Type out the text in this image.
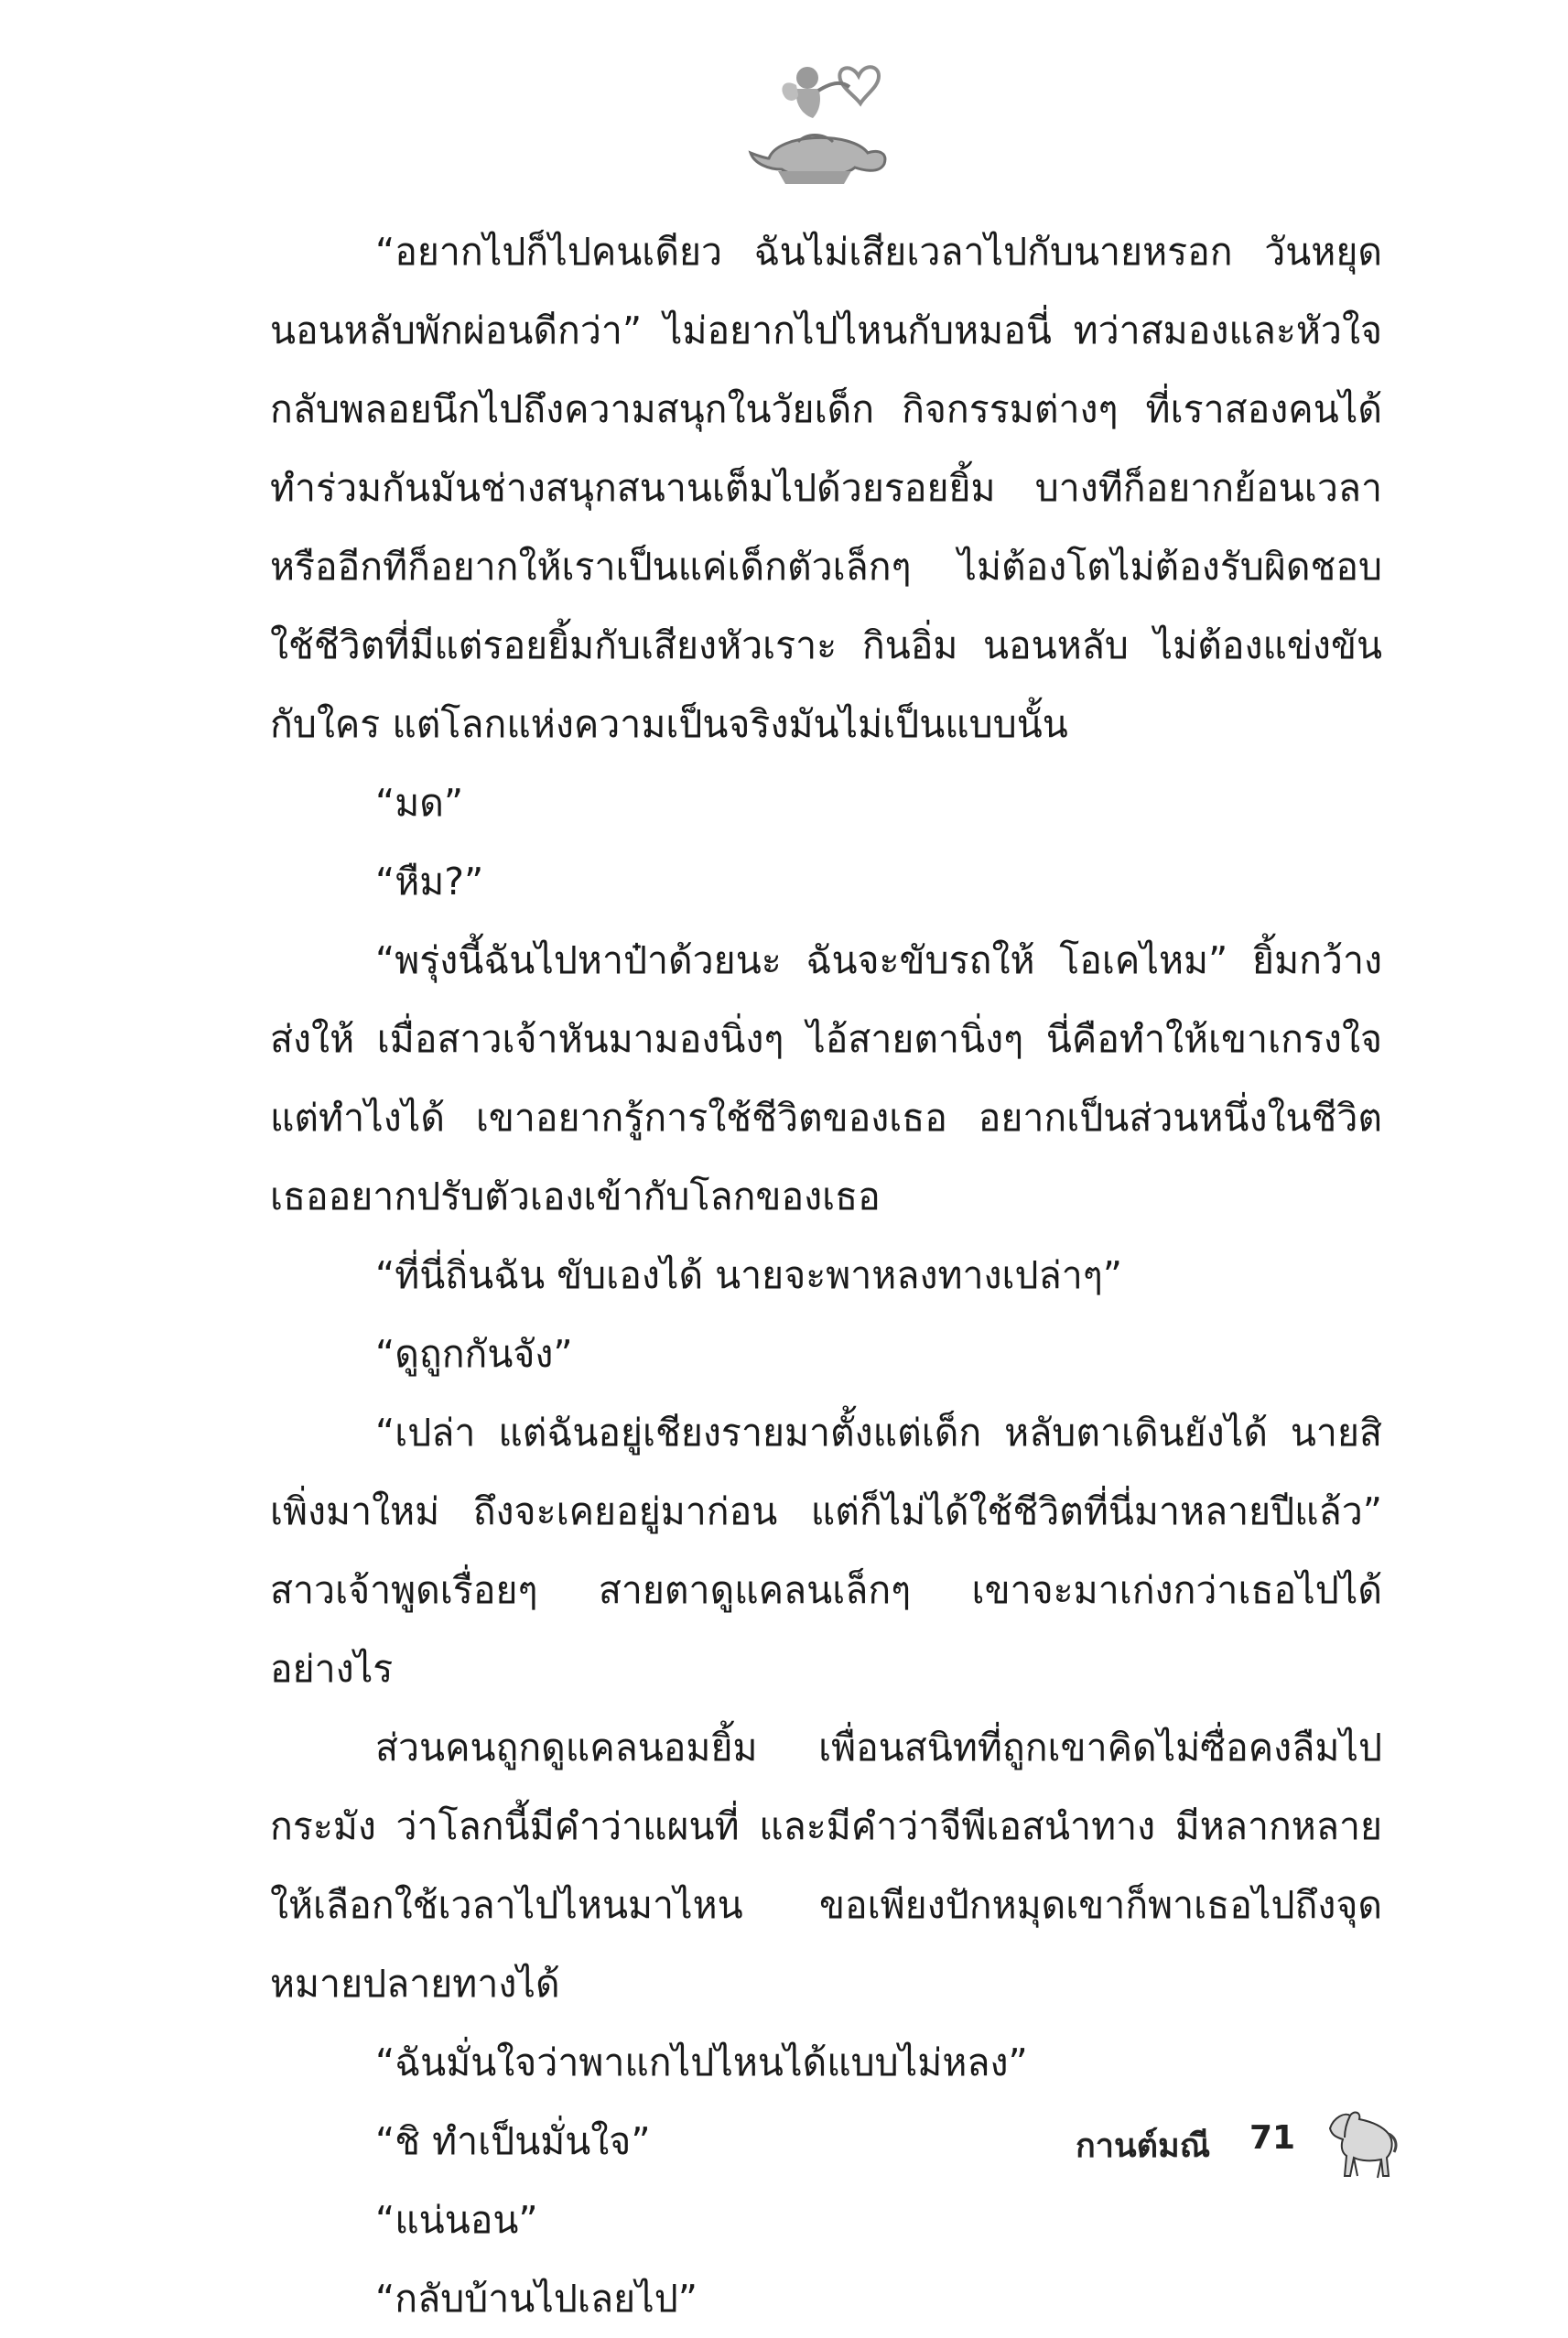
“อยากไปก็ไปคนเดียว ฉันไม่เสียเวลาไปกับนายหรอก วันหยุดนอนหลับพักผ่อนดีกว่า” ไม่อยากไปไหนกับหมอนี่ ทว่าสมองและหัวใจกลับพลอยนึกไปถึงความสนุกในวัยเด็ก กิจกรรมต่างๆ ที่เราสองคนได้ทำร่วมกันมันช่างสนุกสนานเต็มไปด้วยรอยยิ้ม บางทีก็อยากย้อนเวลาหรืออีกทีก็อยากให้เราเป็นแค่เด็กตัวเล็กๆ ไม่ต้องโตไม่ต้องรับผิดชอบใช้ชีวิตที่มีแต่รอยยิ้มกับเสียงหัวเราะ กินอิ่ม นอนหลับ ไม่ต้องแข่งขันกับใคร แต่โลกแห่งความเป็นจริงมันไม่เป็นแบบนั้น

“มด”

“หืม?”

“พรุ่งนี้ฉันไปหาป๋าด้วยนะ ฉันจะขับรถให้ โอเคไหม” ยิ้มกว้างส่งให้ เมื่อสาวเจ้าหันมามองนิ่งๆ ไอ้สายตานิ่งๆ นี่คือทำให้เขาเกรงใจแต่ทำไงได้ เขาอยากรู้การใช้ชีวิตของเธอ อยากเป็นส่วนหนึ่งในชีวิตเธออยากปรับตัวเองเข้ากับโลกของเธอ

“ที่นี่ถิ่นฉัน ขับเองได้ นายจะพาหลงทางเปล่าๆ”

“ดูถูกกันจัง”

“เปล่า แต่ฉันอยู่เชียงรายมาตั้งแต่เด็ก หลับตาเดินยังได้ นายสิเพิ่งมาใหม่ ถึงจะเคยอยู่มาก่อน แต่ก็ไม่ได้ใช้ชีวิตที่นี่มาหลายปีแล้ว” สาวเจ้าพูดเรื่อยๆ สายตาดูแคลนเล็กๆ เขาจะมาเก่งกว่าเธอไปได้อย่างไร

ส่วนคนถูกดูแคลนอมยิ้ม เพื่อนสนิทที่ถูกเขาคิดไม่ซื่อคงลืมไปกระมัง ว่าโลกนี้มีคำว่าแผนที่ และมีคำว่าจีพีเอสนำทาง มีหลากหลายให้เลือกใช้เวลาไปไหนมาไหน ขอเพียงปักหมุดเขาก็พาเธอไปถึงจุดหมายปลายทางได้

“ฉันมั่นใจว่าพาแกไปไหนได้แบบไม่หลง”

“ชิ ทำเป็นมั่นใจ”

“แน่นอน”

“กลับบ้านไปเลยไป”

กานต์มณี 71
